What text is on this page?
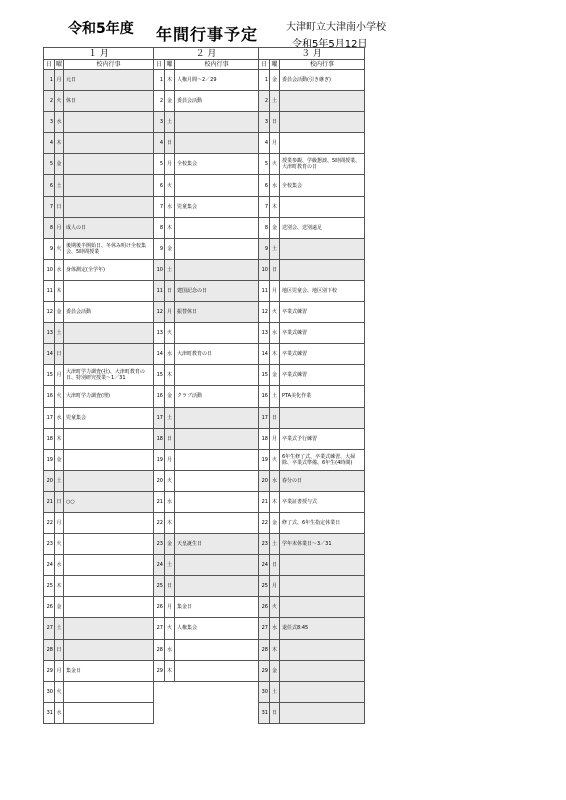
令和5年度 年間行事予定	大津町立大津南小学校
令和5年5月12日
１ 月		
日	曜	校内行事
1	月	元日
2	火	休日
3	水	
4	木	
5	金	
6	土	
7	日	
8	月	成人の日
9	火	後期後半開始日、冬休み明け全校集会、5時間授業
10	水	身体測定(全学年)
11	木	
12	金	委員会活動
13	土	
14	日	
15	月	大津町学力調査(社)、大津町教育の日、特別研究授業～1／31
16	火	大津町学力調査(理)
17	水	児童集会
18	木	
19	金	
20	土	
21	日	○○
22	月	
23	火	
24	水	
25	木	
26	金	
27	土	
28	日	
29	月	集金日
30	火	
31	水	
２ 月		
日	曜	校内行事
1	木	人権月間～2／29
2	金	委員会活動
3	土	
4	日	
5	月	全校集会
6	火	
7	水	児童集会
8	木	
9	金	
10	土	
11	日	建国記念の日
12	月	振替休日
13	火	
14	水	大津町教育の日
15	木	
16	金	クラブ活動
17	土	
18	日	
19	月	
20	火	
21	水	
22	木	
23	金	天皇誕生日
24	土	
25	日	
26	月	集金日
27	火	人権集会
28	水	
29	木	

３ 月		
日	曜	校内行事
1	金	委員会活動(引き継ぎ)
2	土	
3	日	
4	月	
5	火	授業参観、学級懇談、5時間授業、大津町教育の日
6	水	全校集会
7	木	
8	金	送別会、送別遠足
9	土	
10	日	
11	月	地区児童会、地区別下校
12	火	卒業式練習
13	水	卒業式練習
14	木	卒業式練習
15	金	卒業式練習
16	土	PTA美化作業
17	日	
18	月	卒業式予行練習
19	火	6年生修了式、卒業式練習、大掃除、卒業式準備、6年生(4時間)
20	水	春分の日
21	木	卒業証書授与式
22	金	修了式、6年生指定休業日
23	土	学年末休業日～3／31
24	日	
25	月	
26	火	
27	水	退任式8:45
28	木	
29	金	
30	土	
31	日	
